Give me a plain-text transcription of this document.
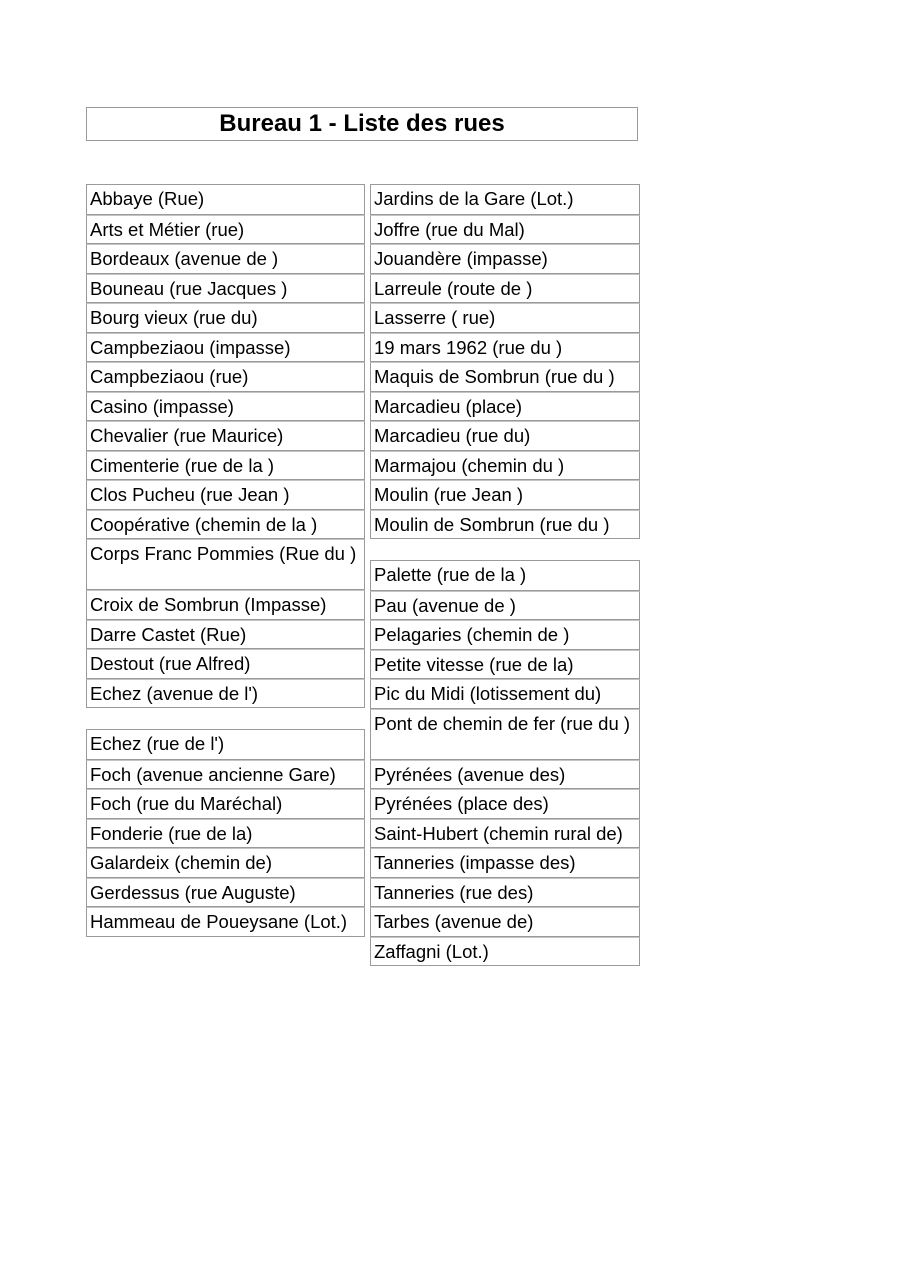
Bureau 1 - Liste des rues
Abbaye (Rue)
Arts et Métier (rue)
Bordeaux (avenue de )
Bouneau (rue Jacques )
Bourg vieux (rue du)
Campbeziaou (impasse)
Campbeziaou (rue)
Casino (impasse)
Chevalier (rue Maurice)
Cimenterie (rue de la )
Clos Pucheu (rue Jean )
Coopérative (chemin de la )
Corps Franc Pommies (Rue du )
Croix de Sombrun (Impasse)
Darre Castet (Rue)
Destout (rue Alfred)
Echez (avenue de l')
Echez (rue de l')
Foch (avenue ancienne Gare)
Foch (rue du Maréchal)
Fonderie (rue de la)
Galardeix (chemin de)
Gerdessus (rue Auguste)
Hammeau de Poueysane (Lot.)
Jardins de la Gare (Lot.)
Joffre (rue du Mal)
Jouandère (impasse)
Larreule (route de )
Lasserre ( rue)
19 mars 1962 (rue du )
Maquis de Sombrun (rue du )
Marcadieu (place)
Marcadieu (rue du)
Marmajou (chemin du )
Moulin (rue Jean )
Moulin de Sombrun (rue du )
Palette (rue de la )
Pau (avenue de )
Pelagaries (chemin de )
Petite vitesse (rue de la)
Pic du Midi (lotissement du)
Pont de chemin de fer (rue du )
Pyrénées (avenue des)
Pyrénées (place des)
Saint-Hubert (chemin rural de)
Tanneries (impasse des)
Tanneries (rue des)
Tarbes (avenue de)
Zaffagni (Lot.)
